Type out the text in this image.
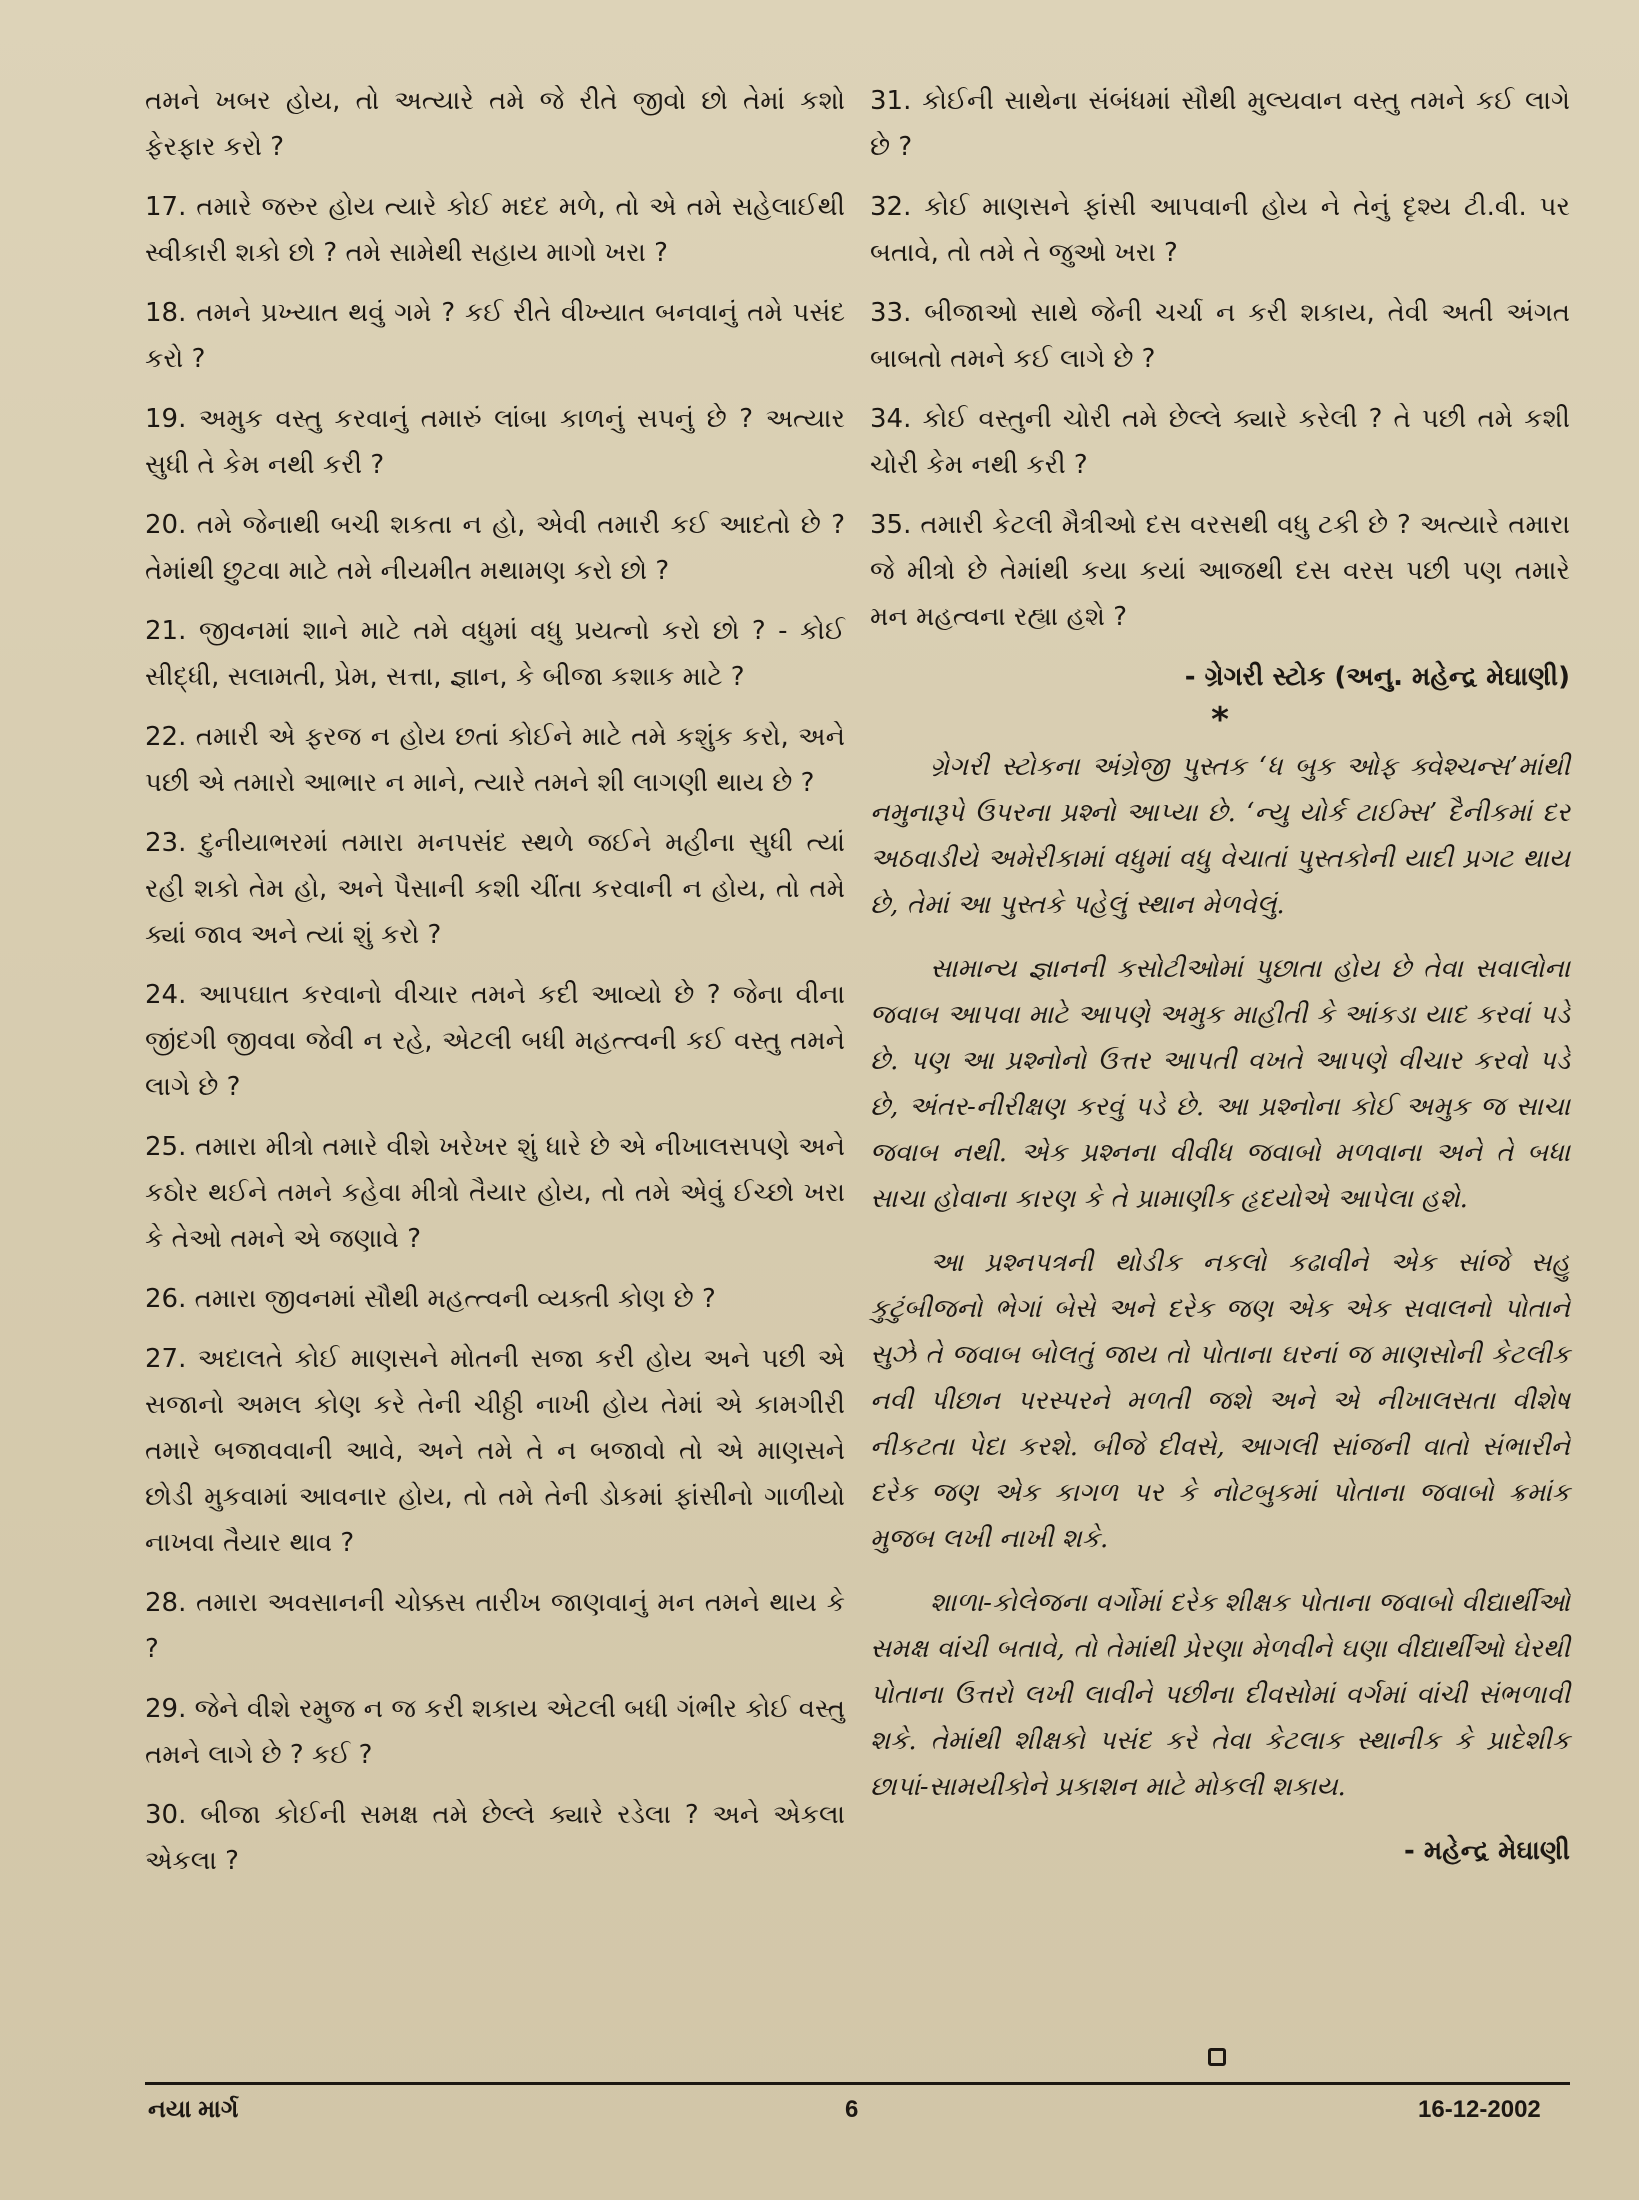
તમને ખબર હોય, તો અત્યારે તમે જે રીતે જીવો છો તેમાં કશો ફેરફાર કરો ?

17. તમારે જરુર હોય ત્યારે કોઈ મદદ મળે, તો એ તમે સહેલાઈથી સ્વીકારી શકો છો ? તમે સામેથી સહાય માગો ખરા ?

18. તમને પ્રખ્યાત થવું ગમે ? કઈ રીતે વીખ્યાત બનવાનું તમે પસંદ કરો ?

19. અમુક વસ્તુ કરવાનું તમારું લાંબા કાળનું સપનું છે ? અત્યાર સુધી તે કેમ નથી કરી ?

20. તમે જેનાથી બચી શકતા ન હો, એવી તમારી કઈ આદતો છે ? તેમાંથી છુટવા માટે તમે નીયમીત મથામણ કરો છો ?

21. જીવનમાં શાને માટે તમે વધુમાં વધુ પ્રયત્નો કરો છો ? - કોઈ સીદ્ધી, સલામતી, પ્રેમ, સત્તા, જ્ઞાન, કે બીજા કશાક માટે ?

22. તમારી એ ફરજ ન હોય છતાં કોઈને માટે તમે કશુંક કરો, અને પછી એ તમારો આભાર ન માને, ત્યારે તમને શી લાગણી થાય છે ?

23. દુનીયાભરમાં તમારા મનપસંદ સ્થળે જઈને મહીના સુધી ત્યાં રહી શકો તેમ હો, અને પૈસાની કશી ચીંતા કરવાની ન હોય, તો તમે ક્યાં જાવ અને ત્યાં શું કરો ?

24. આપઘાત કરવાનો વીચાર તમને કદી આવ્યો છે ? જેના વીના જીંદગી જીવવા જેવી ન રહે, એટલી બધી મહત્ત્વની કઈ વસ્તુ તમને લાગે છે ?

25. તમારા મીત્રો તમારે વીશે ખરેખર શું ધારે છે એ નીખાલસપણે અને કઠોર થઈને તમને કહેવા મીત્રો તૈયાર હોય, તો તમે એવું ઈચ્છો ખરા કે તેઓ તમને એ જણાવે ?

26. તમારા જીવનમાં સૌથી મહત્ત્વની વ્યક્તી કોણ છે ?

27. અદાલતે કોઈ માણસને મોતની સજા કરી હોય અને પછી એ સજાનો અમલ કોણ કરે તેની ચીઠ્ઠી નાખી હોય તેમાં એ કામગીરી તમારે બજાવવાની આવે, અને તમે તે ન બજાવો તો એ માણસને છોડી મુકવામાં આવનાર હોય, તો તમે તેની ડોકમાં ફાંસીનો ગાળીયો નાખવા તૈયાર થાવ ?

28. તમારા અવસાનની ચોક્કસ તારીખ જાણવાનું મન તમને થાય કે ?

29. જેને વીશે રમુજ ન જ કરી શકાય એટલી બધી ગંભીર કોઈ વસ્તુ તમને લાગે છે ? કઈ ?

30. બીજા કોઈની સમક્ષ તમે છેલ્લે ક્યારે રડેલા ? અને એકલા એકલા ?

31. કોઈની સાથેના સંબંધમાં સૌથી મુલ્યવાન વસ્તુ તમને કઈ લાગે છે ?

32. કોઈ માણસને ફાંસી આપવાની હોય ને તેનું દૃશ્ય ટી.વી. પર બતાવે, તો તમે તે જુઓ ખરા ?

33. બીજાઓ સાથે જેની ચર્ચા ન કરી શકાય, તેવી અતી અંગત બાબતો તમને કઈ લાગે છે ?

34. કોઈ વસ્તુની ચોરી તમે છેલ્લે ક્યારે કરેલી ? તે પછી તમે કશી ચોરી કેમ નથી કરી ?

35. તમારી કેટલી મૈત્રીઓ દસ વરસથી વધુ ટકી છે ? અત્યારે તમારા જે મીત્રો છે તેમાંથી કયા કયાં આજથી દસ વરસ પછી પણ તમારે મન મહત્વના રહ્યા હશે ?

- ગ્રેગરી સ્ટોક (અનુ. મહેન્દ્ર મેઘાણી)

*

ગ્રેગરી સ્ટોકના અંગ્રેજી પુસ્તક ‘ધ બુક ઓફ ક્વેશ્ચન્સ’માંથી નમુનારૂપે ઉપરના પ્રશ્નો આપ્યા છે. ‘ન્યુ યોર્ક ટાઈમ્સ’ દૈનીકમાં દર અઠવાડીયે અમેરીકામાં વધુમાં વધુ વેચાતાં પુસ્તકોની યાદી પ્રગટ થાય છે, તેમાં આ પુસ્તકે પહેલું સ્થાન મેળવેલું.

સામાન્ય જ્ઞાનની કસોટીઓમાં પુછાતા હોય છે તેવા સવાલોના જવાબ આપવા માટે આપણે અમુક માહીતી કે આંકડા યાદ કરવાં પડે છે. પણ આ પ્રશ્નોનો ઉત્તર આપતી વખતે આપણે વીચાર કરવો પડે છે, અંતર-નીરીક્ષણ કરવું પડે છે. આ પ્રશ્નોના કોઈ અમુક જ સાચા જવાબ નથી. એક પ્રશ્નના વીવીધ જવાબો મળવાના અને તે બધા સાચા હોવાના કારણ કે તે પ્રામાણીક હૃદયોએ આપેલા હશે.

આ પ્રશ્નપત્રની થોડીક નકલો કઢાવીને એક સાંજે સહુ કુટુંબીજનો ભેગાં બેસે અને દરેક જણ એક એક સવાલનો પોતાને સુઝે તે જવાબ બોલતું જાય તો પોતાના ઘરનાં જ માણસોની કેટલીક નવી પીછાન પરસ્પરને મળતી જશે અને એ નીખાલસતા વીશેષ નીકટતા પેદા કરશે. બીજે દીવસે, આગલી સાંજની વાતો સંભારીને દરેક જણ એક કાગળ પર કે નોટબુકમાં પોતાના જવાબો ક્રમાંક મુજબ લખી નાખી શકે.

શાળા-કોલેજના વર્ગોમાં દરેક શીક્ષક પોતાના જવાબો વીદ્યાર્થીઓ સમક્ષ વાંચી બતાવે, તો તેમાંથી પ્રેરણા મેળવીને ઘણા વીદ્યાર્થીઓ ઘેરથી પોતાના ઉત્તરો લખી લાવીને પછીના દીવસોમાં વર્ગમાં વાંચી સંભળાવી શકે. તેમાંથી શીક્ષકો પસંદ કરે તેવા કેટલાક સ્થાનીક કે પ્રાદેશીક છાપાં-સામયીકોને પ્રકાશન માટે મોકલી શકાય.

- મહેન્દ્ર મેઘાણી

નયા માર્ગ	6	16-12-2002
